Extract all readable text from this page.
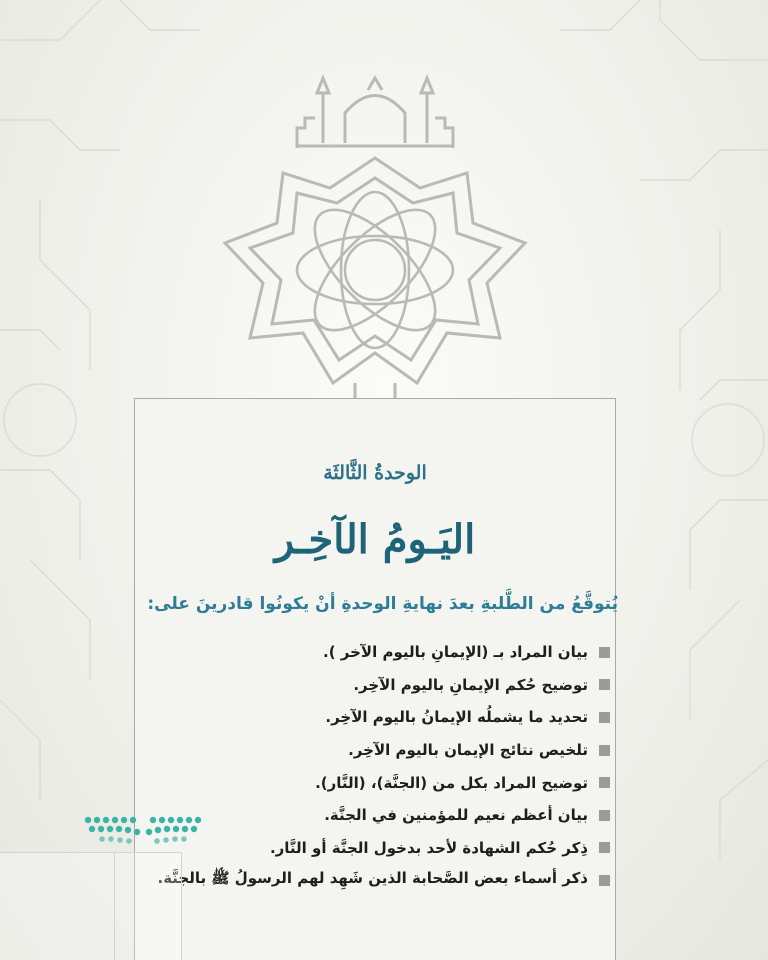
الوحدةُ الثَّالثَة
اليَـومُ الآخِـر
يُتوقَّعُ من الطَّلبةِ بعدَ نهايةِ الوحدةِ أنْ يكونُوا قادرينَ على:
بيان المراد بـ (الإيمانِ باليوم الآخر ).
توضيح حُكم الإيمانِ باليوم الآخِر.
تحديد ما يشملُه الإيمانُ باليوم الآخِر.
تلخيص نتائج الإيمان باليوم الآخِر.
توضيح المراد بكل من (الجنَّة)، (النَّار).
بيان أعظم نعيم للمؤمنين في الجنَّة.
ذِكر حُكم الشهادة لأحد بدخول الجنَّة أو النَّار.
ذكر أسماء بعض الصَّحابة الذين شَهِد لهم الرسولُ ﷺ بالجنَّة.
